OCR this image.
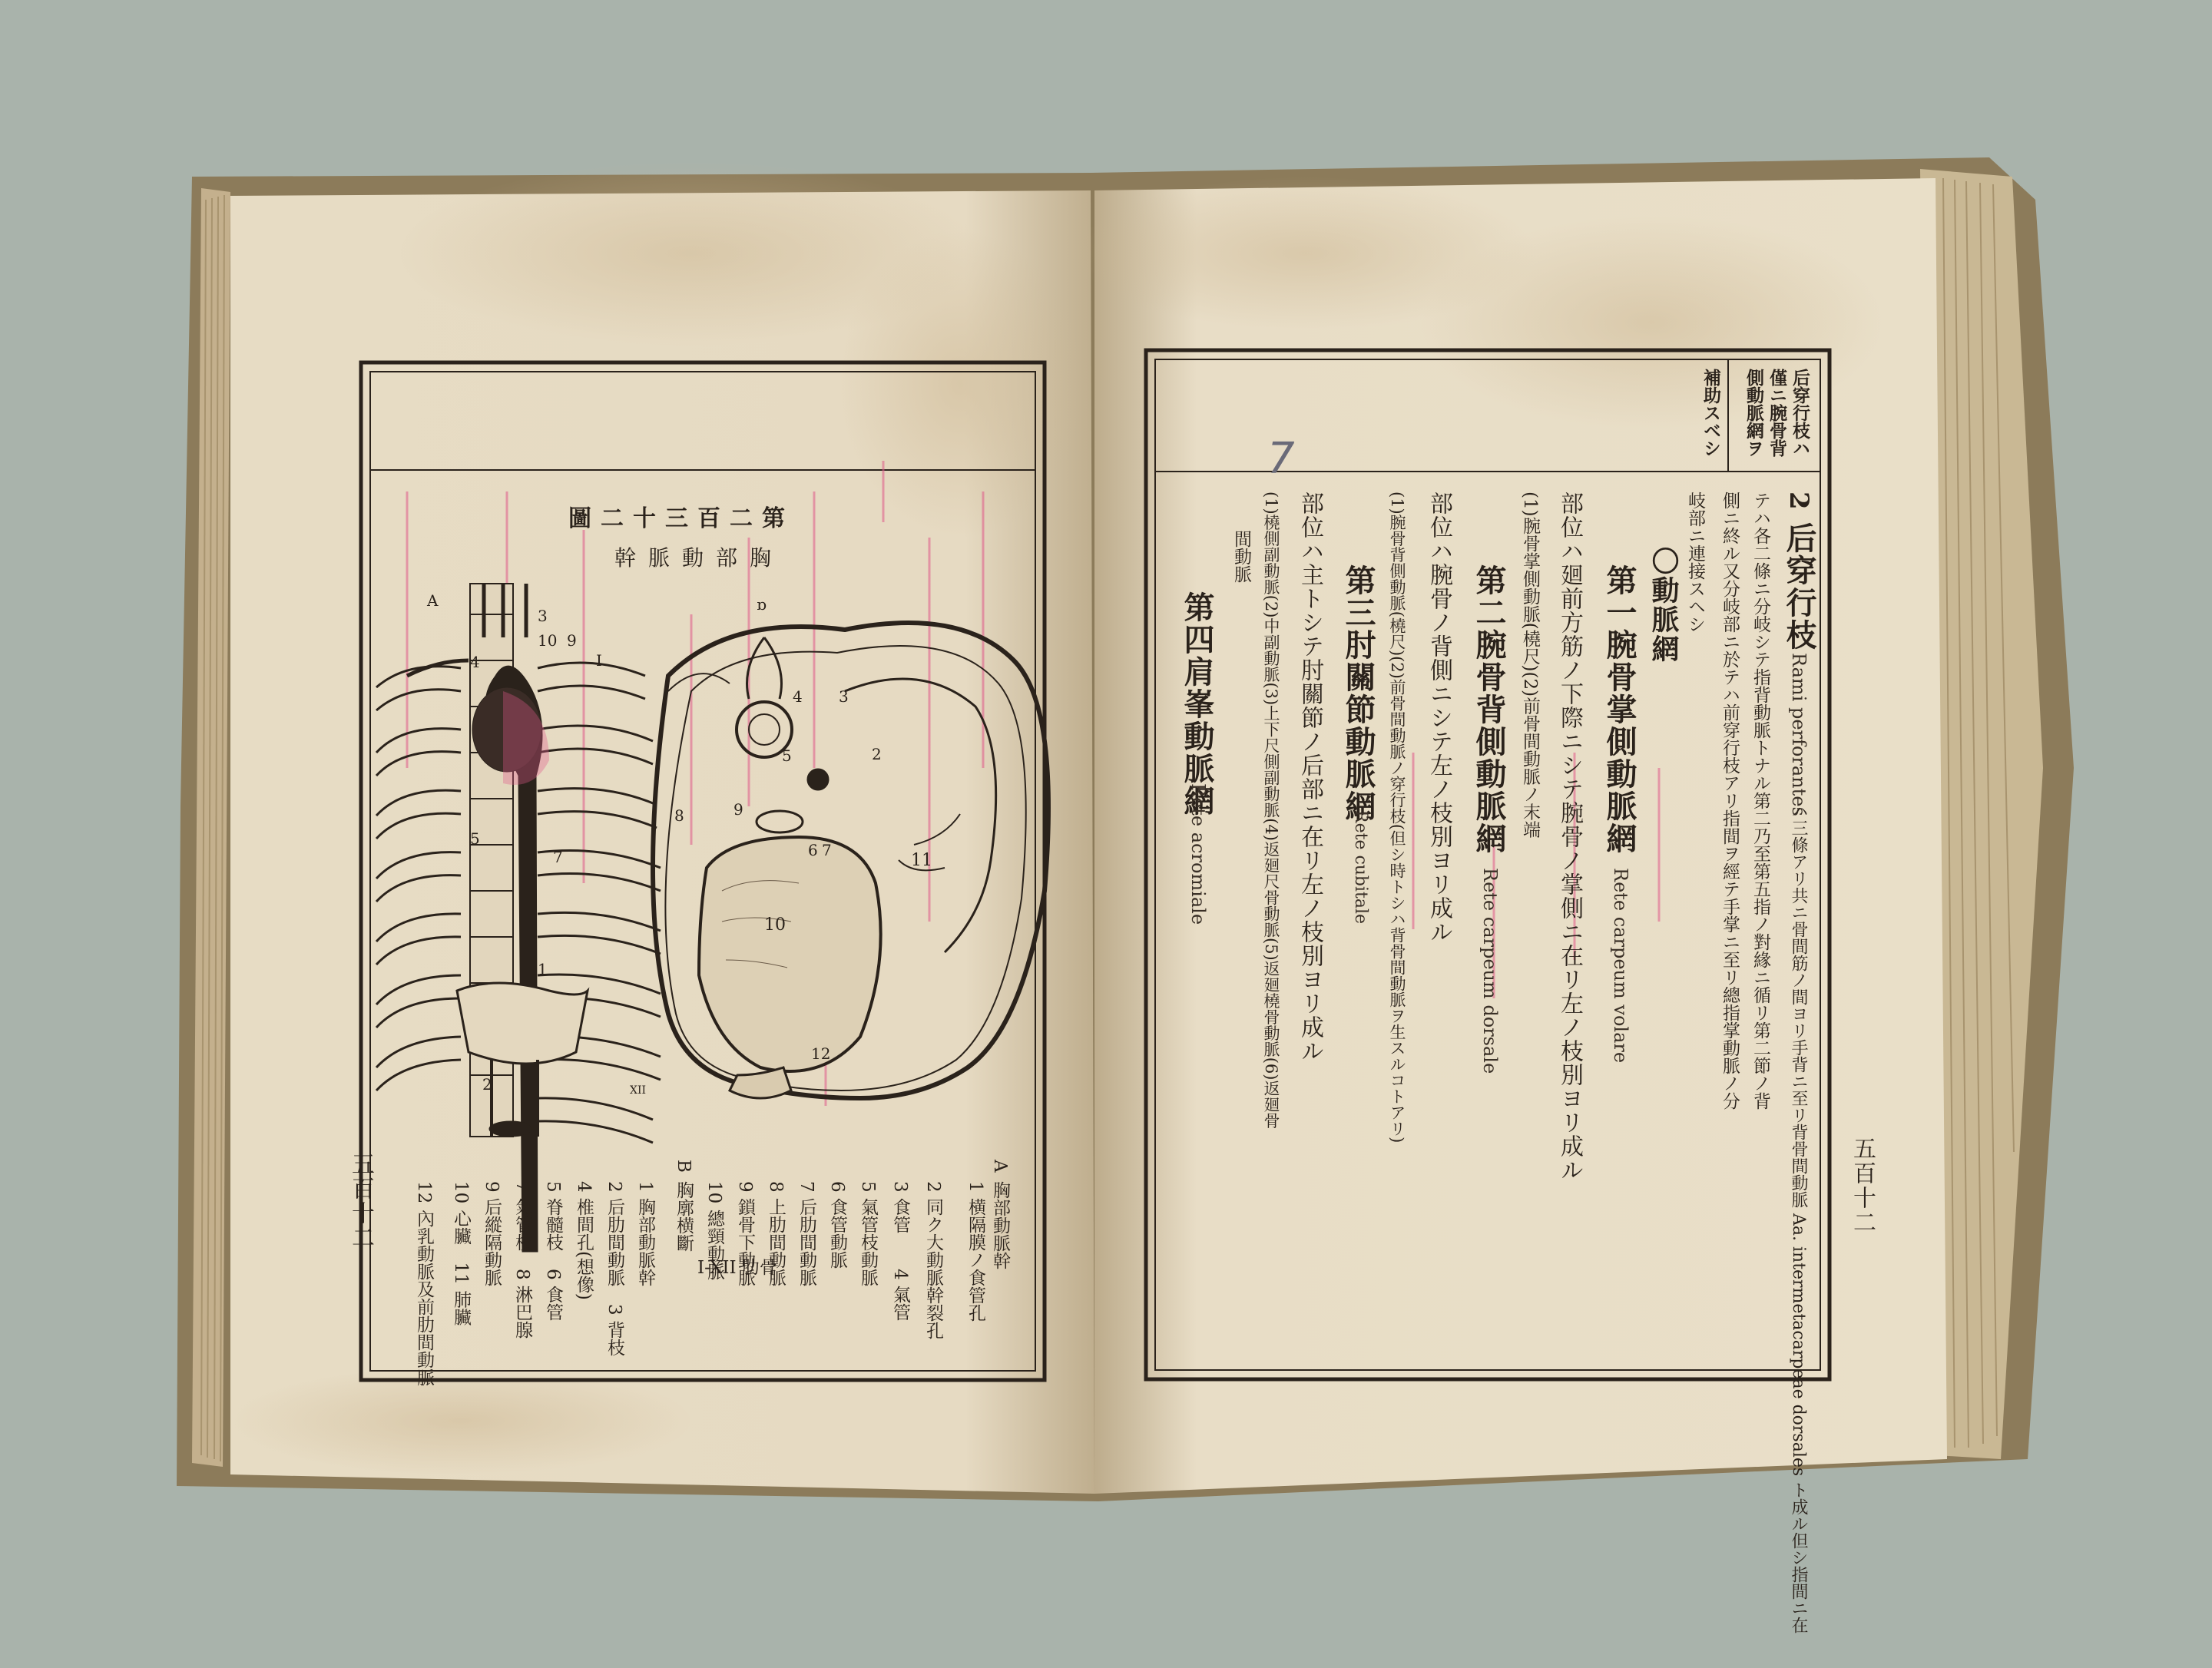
A
3
10 9
I
1
4
5
7
2	XII
ɒ
4 3
2
8	9
5
7
6
11
10
12
五百十二
第二百三十二圖
胸部動脈幹
A
胸部動脈幹
1 横隔膜ノ食管孔
2 同ク大動脈幹裂孔
3 食管　　4 氣管
5 氣管枝動脈
6 食管動脈
7 后肋間動脈
8 上肋間動脈
9 鎖骨下動脈
10 總頸動脈
B
胸廓横斷
I-XII 肋骨
1 胸部動脈幹
2 后肋間動脈　3 背枝
4 椎間孔(想像)
5 脊髓枝　6 食管
7 氣管枝　8 淋巴腺
9 后縱隔動脈
10 心臟　11 肺臟
12 內乳動脈及前肋間動脈	五百十二
7
后穿行枝ハ
僅ニ腕骨背
側動脈網ヲ
補助スベシ
2
后穿行枝
Rami perforantes
ハ三條アリ共ニ骨間筋ノ間ヨリ手背ニ至リ背骨間動脈 Aa. intermetacarpeae dorsales ト成ル但シ指間ニ在
テハ各二條ニ分岐シテ指背動脈トナル第二乃至第五指ノ對緣ニ循リ第二節ノ背
側ニ終ル又分岐部ニ於テハ前穿行枝アリ指間ヲ經テ手掌ニ至リ總指掌動脈ノ分
岐部ニ連接スヘシ
〇動脈網
第一腕骨掌側動脈網
Rete carpeum volare
部位ハ廻前方筋ノ下際ニシテ腕骨ノ掌側ニ在リ左ノ枝別ヨリ成ル
(1)腕骨掌側動脈(橈尺)(2)前骨間動脈ノ末端
第二腕骨背側動脈網
Rete carpeum dorsale
部位ハ腕骨ノ背側ニシテ左ノ枝別ヨリ成ル
(1)腕骨背側動脈(橈尺)(2)前骨間動脈ノ穿行枝(但シ時トシハ背骨間動脈ヲ生スルコトアリ)
第三肘關節動脈網
Rete cubitale
部位ハ主トシテ肘關節ノ后部ニ在リ左ノ枝別ヨリ成ル
(1)橈側副動脈(2)中副動脈(3)上下尺側副動脈(4)返廻尺骨動脈(5)返廻橈骨動脈(6)返廻骨
間動脈
第四肩峯動脈網
Rete acromiale
